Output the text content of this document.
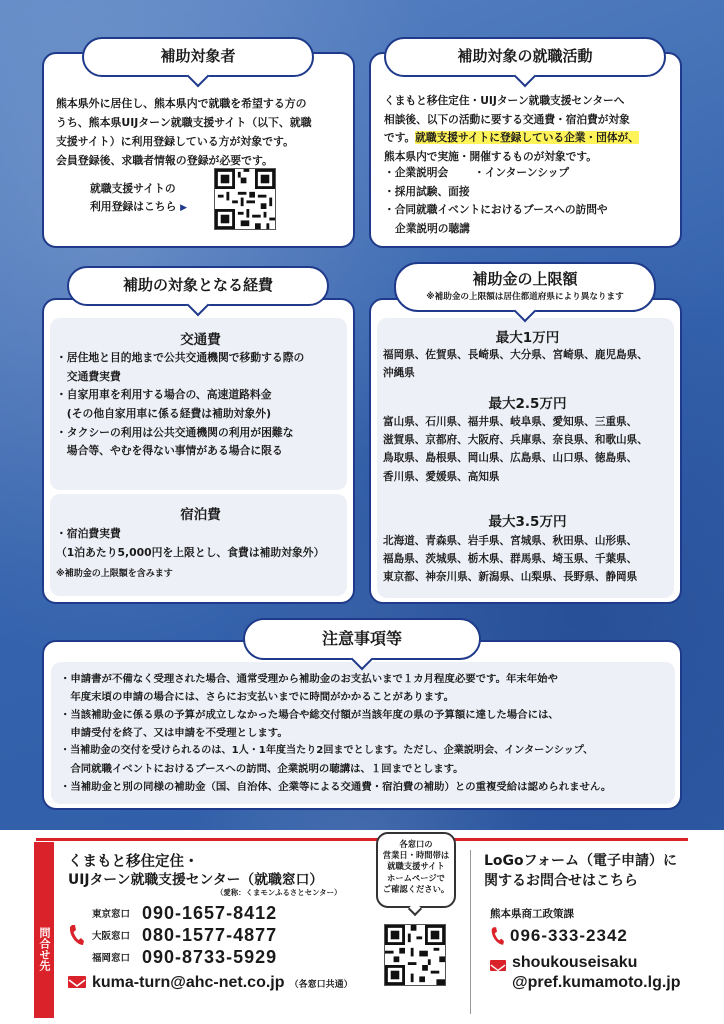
熊本県外に居住し、熊本県内で就職を希望する方の
うち、熊本県UIJターン就職支援サイト（以下、就職
支援サイト）に利用登録している方が対象です。
会員登録後、求職者情報の登録が必要です。
就職支援サイトの
利用登録はこちら ▶
補助対象者
くまもと移住定住・UIJターン就職支援センターへ
相談後、以下の活動に要する交通費・宿泊費が対象
です。就職支援サイトに登録している企業・団体が、
熊本県内で実施・開催するものが対象です。
・企業説明会 ・インターンシップ
・採用試験、面接
・合同就職イベントにおけるブースへの訪問や
企業説明の聴講
補助対象の就職活動
交通費
・居住地と目的地まで公共交通機関で移動する際の
　交通費実費
・自家用車を利用する場合の、高速道路料金
　(その他自家用車に係る経費は補助対象外)
・タクシーの利用は公共交通機関の利用が困難な
　場合等、やむを得ない事情がある場合に限る
宿泊費
・宿泊費実費
（1泊あたり5,000円を上限とし、食費は補助対象外）
※補助金の上限額を含みます
補助の対象となる経費
最大1万円
福岡県、佐賀県、長崎県、大分県、宮崎県、鹿児島県、
沖縄県
最大2.5万円
富山県、石川県、福井県、岐阜県、愛知県、三重県、
滋賀県、京都府、大阪府、兵庫県、奈良県、和歌山県、
鳥取県、島根県、岡山県、広島県、山口県、徳島県、
香川県、愛媛県、高知県
最大3.5万円
北海道、青森県、岩手県、宮城県、秋田県、山形県、
福島県、茨城県、栃木県、群馬県、埼玉県、千葉県、
東京都、神奈川県、新潟県、山梨県、長野県、静岡県
補助金の上限額
※補助金の上限額は居住都道府県により異なります
・申請書が不備なく受理された場合、通常受理から補助金のお支払いまで１カ月程度必要です。年末年始や
　年度末頃の申請の場合には、さらにお支払いまでに時間がかかることがあります。
・当該補助金に係る県の予算が成立しなかった場合や総交付額が当該年度の県の予算額に達した場合には、
　申請受付を終了、又は申請を不受理とします。
・当補助金の交付を受けられるのは、1人・1年度当たり2回までとします。ただし、企業説明会、インターンシップ、
　合同就職イベントにおけるブースへの訪問、企業説明の聴講は、１回までとします。
・当補助金と別の同様の補助金（国、自治体、企業等による交通費・宿泊費の補助）との重複受給は認められません。
注意事項等
問合せ先
くまもと移住定住・
UIJターン就職支援センター（就職窓口）
（愛称：くまモンふるさとセンター）
東京窓口 090-1657-8412
大阪窓口 080-1577-4877
福岡窓口 090-8733-5929
kuma-turn@ahc-net.co.jp （各窓口共通）
各窓口の
営業日・時間帯は
就職支援サイト
ホームページで
ご確認ください。
LoGoフォーム（電子申請）に
関するお問合せはこちら
熊本県商工政策課
096-333-2342
shoukouseisaku
@pref.kumamoto.lg.jp
